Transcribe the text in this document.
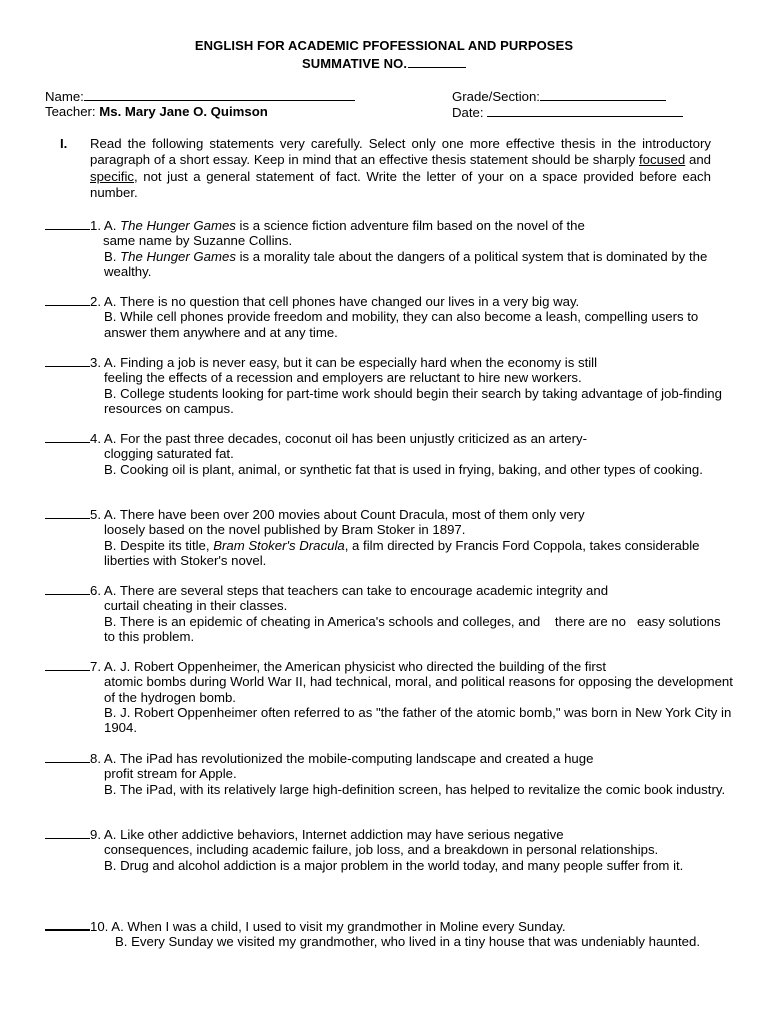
ENGLISH FOR ACADEMIC PFOFESSIONAL AND PURPOSES
SUMMATIVE NO.
Name:	Grade/Section:
Teacher: Ms. Mary Jane O. Quimson	Date:
I. Read the following statements very carefully. Select only one more effective thesis in the introductory paragraph of a short essay. Keep in mind that an effective thesis statement should be sharply focused and specific, not just a general statement of fact. Write the letter of your on a space provided before each number.
1. A. The Hunger Games is a science fiction adventure film based on the novel of the
same name by Suzanne Collins.
B. The Hunger Games is a morality tale about the dangers of a political system that is dominated by the wealthy.
2. A. There is no question that cell phones have changed our lives in a very big way.
B. While cell phones provide freedom and mobility, they can also become a leash, compelling users to answer them anywhere and at any time.
3. A. Finding a job is never easy, but it can be especially hard when the economy is still
feeling the effects of a recession and employers are reluctant to hire new workers.
B. College students looking for part-time work should begin their search by taking advantage of job-finding resources on campus.
4. A. For the past three decades, coconut oil has been unjustly criticized as an artery-
clogging saturated fat.
B. Cooking oil is plant, animal, or synthetic fat that is used in frying, baking, and other types of cooking.
5. A. There have been over 200 movies about Count Dracula, most of them only very
loosely based on the novel published by Bram Stoker in 1897.
B. Despite its title, Bram Stoker's Dracula, a film directed by Francis Ford Coppola, takes considerable liberties with Stoker's novel.
6. A. There are several steps that teachers can take to encourage academic integrity and
curtail cheating in their classes.
B. There is an epidemic of cheating in America's schools and colleges, and    there are no   easy solutions to this problem.
7. A. J. Robert Oppenheimer, the American physicist who directed the building of the first
atomic bombs during World War II, had technical, moral, and political reasons for opposing the development of the hydrogen bomb.
B. J. Robert Oppenheimer often referred to as "the father of the atomic bomb," was born in New York City in 1904.
8. A. The iPad has revolutionized the mobile-computing landscape and created a huge
profit stream for Apple.
B. The iPad, with its relatively large high-definition screen, has helped to revitalize the comic book industry.
9. A. Like other addictive behaviors, Internet addiction may have serious negative
consequences, including academic failure, job loss, and a breakdown in personal relationships.
B. Drug and alcohol addiction is a major problem in the world today, and many people suffer from it.
10. A. When I was a child, I used to visit my grandmother in Moline every Sunday.
B. Every Sunday we visited my grandmother, who lived in a tiny house that was undeniably haunted.
